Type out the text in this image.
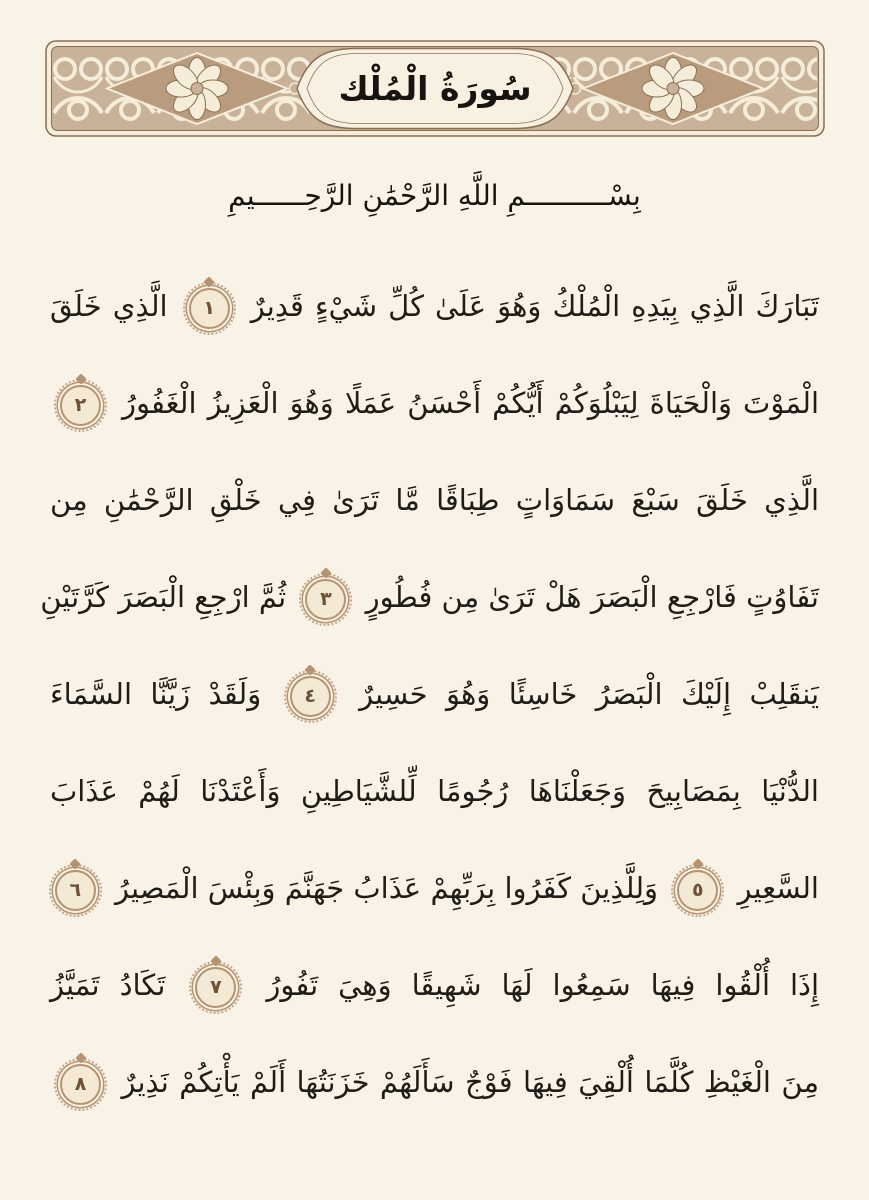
سُورَةُ الْمُلْك
بِسْــــــــــمِ اللَّهِ الرَّحْمَٰنِ الرَّحِــــــيمِ
تَبَارَكَ الَّذِي بِيَدِهِ الْمُلْكُ وَهُوَ عَلَىٰ كُلِّ شَيْءٍ قَدِيرٌ ١ الَّذِي خَلَقَ
الْمَوْتَ وَالْحَيَاةَ لِيَبْلُوَكُمْ أَيُّكُمْ أَحْسَنُ عَمَلًا وَهُوَ الْعَزِيزُ الْغَفُورُ ٢
الَّذِي خَلَقَ سَبْعَ سَمَاوَاتٍ طِبَاقًا مَّا تَرَىٰ فِي خَلْقِ الرَّحْمَٰنِ مِن
تَفَاوُتٍ فَارْجِعِ الْبَصَرَ هَلْ تَرَىٰ مِن فُطُورٍ ٣ ثُمَّ ارْجِعِ الْبَصَرَ كَرَّتَيْنِ
يَنقَلِبْ إِلَيْكَ الْبَصَرُ خَاسِئًا وَهُوَ حَسِيرٌ ٤ وَلَقَدْ زَيَّنَّا السَّمَاءَ
الدُّنْيَا بِمَصَابِيحَ وَجَعَلْنَاهَا رُجُومًا لِّلشَّيَاطِينِ وَأَعْتَدْنَا لَهُمْ عَذَابَ
السَّعِيرِ ٥ وَلِلَّذِينَ كَفَرُوا بِرَبِّهِمْ عَذَابُ جَهَنَّمَ وَبِئْسَ الْمَصِيرُ ٦
إِذَا أُلْقُوا فِيهَا سَمِعُوا لَهَا شَهِيقًا وَهِيَ تَفُورُ ٧ تَكَادُ تَمَيَّزُ
مِنَ الْغَيْظِ كُلَّمَا أُلْقِيَ فِيهَا فَوْجٌ سَأَلَهُمْ خَزَنَتُهَا أَلَمْ يَأْتِكُمْ نَذِيرٌ ٨
